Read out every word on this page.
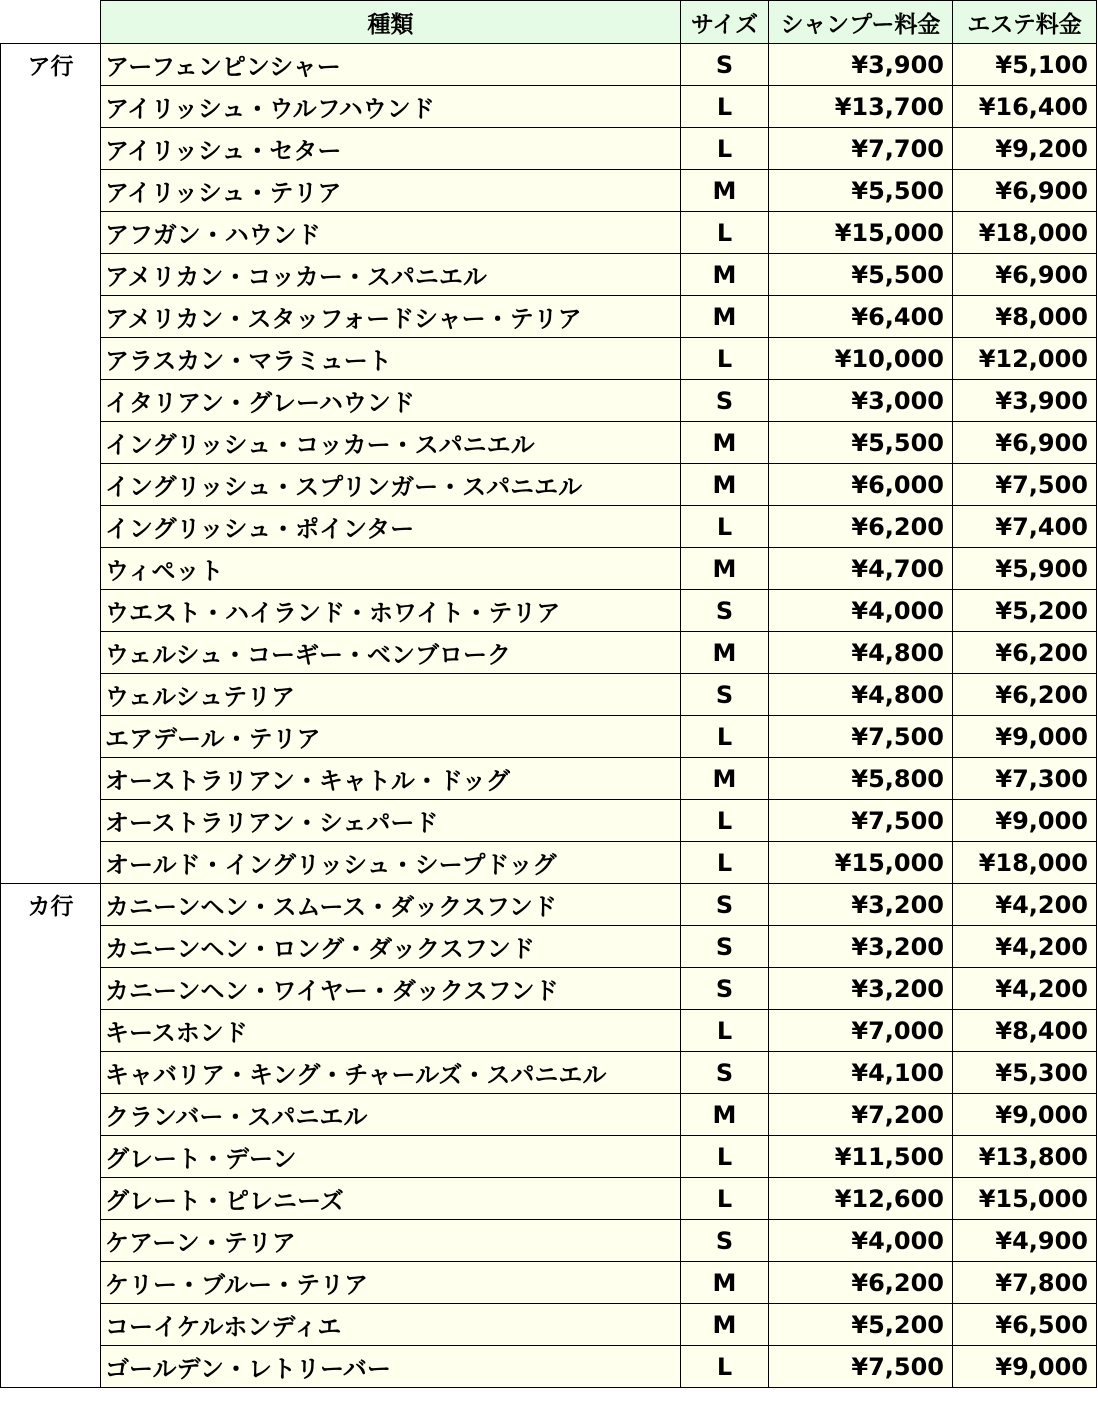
	種類	サイズ	シャンプー料金	エステ料金
ア行	アーフェンピンシャー	S	¥3,900	¥5,100
	アイリッシュ・ウルフハウンド	L	¥13,700	¥16,400
	アイリッシュ・セター	L	¥7,700	¥9,200
	アイリッシュ・テリア	M	¥5,500	¥6,900
	アフガン・ハウンド	L	¥15,000	¥18,000
	アメリカン・コッカー・スパニエル	M	¥5,500	¥6,900
	アメリカン・スタッフォードシャー・テリア	M	¥6,400	¥8,000
	アラスカン・マラミュート	L	¥10,000	¥12,000
	イタリアン・グレーハウンド	S	¥3,000	¥3,900
	イングリッシュ・コッカー・スパニエル	M	¥5,500	¥6,900
	イングリッシュ・スプリンガー・スパニエル	M	¥6,000	¥7,500
	イングリッシュ・ポインター	L	¥6,200	¥7,400
	ウィペット	M	¥4,700	¥5,900
	ウエスト・ハイランド・ホワイト・テリア	S	¥4,000	¥5,200
	ウェルシュ・コーギー・ベンブローク	M	¥4,800	¥6,200
	ウェルシュテリア	S	¥4,800	¥6,200
	エアデール・テリア	L	¥7,500	¥9,000
	オーストラリアン・キャトル・ドッグ	M	¥5,800	¥7,300
	オーストラリアン・シェパード	L	¥7,500	¥9,000
	オールド・イングリッシュ・シープドッグ	L	¥15,000	¥18,000
カ行	カニーンヘン・スムース・ダックスフンド	S	¥3,200	¥4,200
	カニーンヘン・ロング・ダックスフンド	S	¥3,200	¥4,200
	カニーンヘン・ワイヤー・ダックスフンド	S	¥3,200	¥4,200
	キースホンド	L	¥7,000	¥8,400
	キャバリア・キング・チャールズ・スパニエル	S	¥4,100	¥5,300
	クランバー・スパニエル	M	¥7,200	¥9,000
	グレート・デーン	L	¥11,500	¥13,800
	グレート・ピレニーズ	L	¥12,600	¥15,000
	ケアーン・テリア	S	¥4,000	¥4,900
	ケリー・ブルー・テリア	M	¥6,200	¥7,800
	コーイケルホンディエ	M	¥5,200	¥6,500
	ゴールデン・レトリーバー	L	¥7,500	¥9,000
